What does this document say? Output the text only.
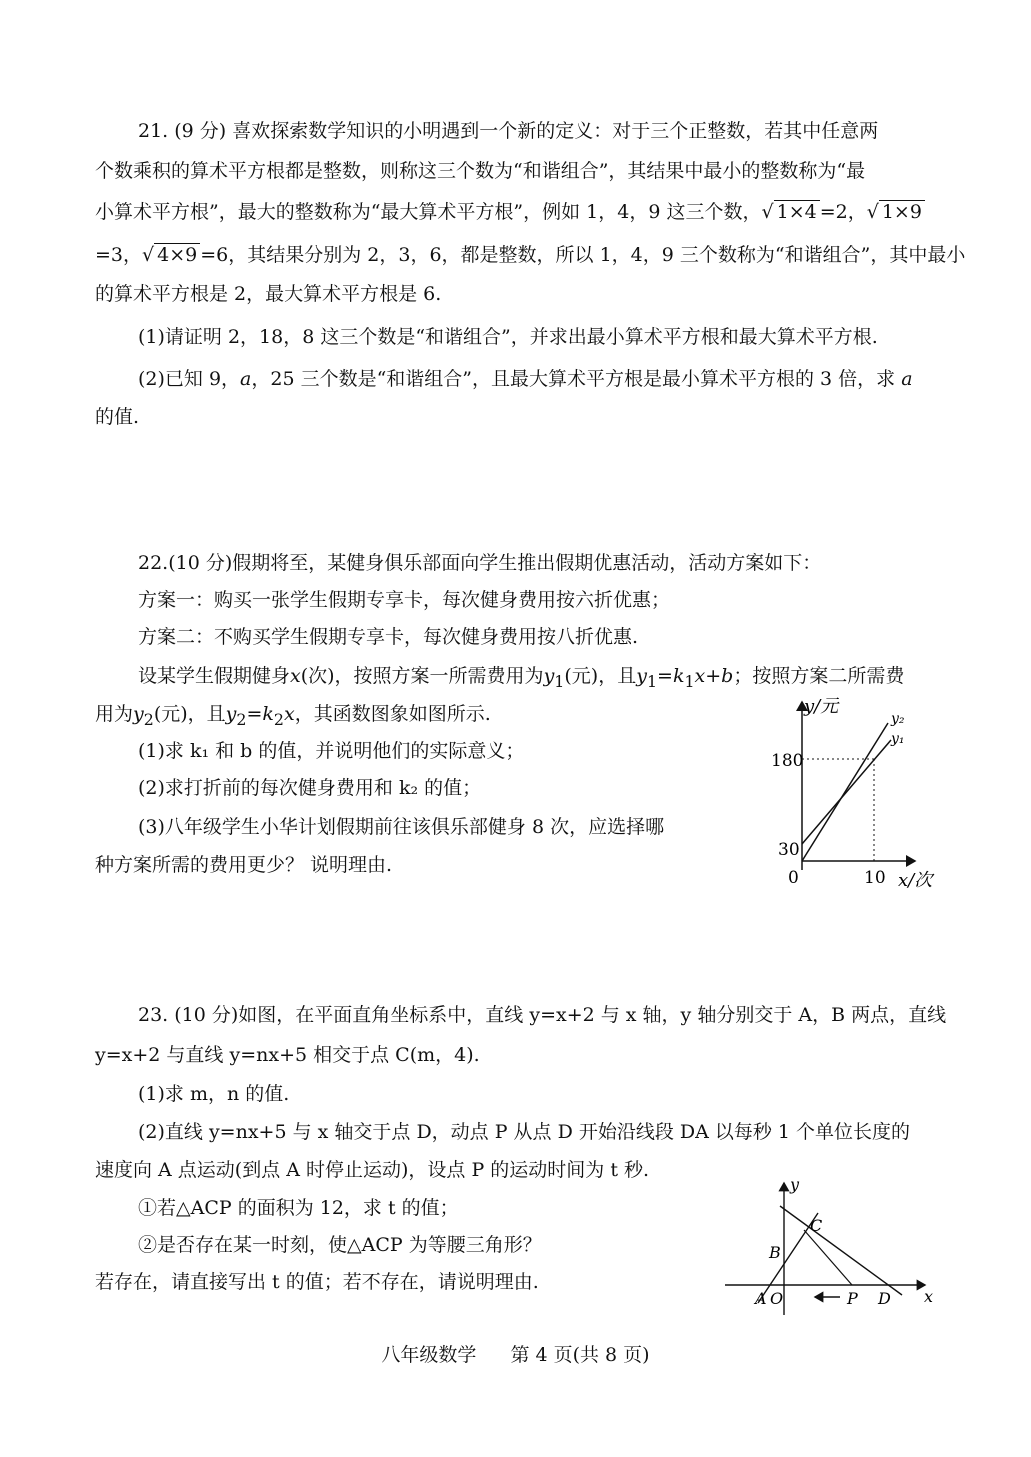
21. (9 分) 喜欢探索数学知识的小明遇到一个新的定义：对于三个正整数，若其中任意两
个数乘积的算术平方根都是整数，则称这三个数为“和谐组合”，其结果中最小的整数称为“最
小算术平方根”，最大的整数称为“最大算术平方根”，例如 1，4，9 这三个数，√ 1×4 =2，√ 1×9
=3，√ 4×9 =6，其结果分别为 2，3，6，都是整数，所以 1，4，9 三个数称为“和谐组合”，其中最小
的算术平方根是 2，最大算术平方根是 6.
(1)请证明 2，18，8 这三个数是“和谐组合”，并求出最小算术平方根和最大算术平方根.
(2)已知 9，a，25 三个数是“和谐组合”，且最大算术平方根是最小算术平方根的 3 倍，求 a
的值.
22.(10 分)假期将至，某健身俱乐部面向学生推出假期优惠活动，活动方案如下：
方案一：购买一张学生假期专享卡，每次健身费用按六折优惠；
方案二：不购买学生假期专享卡，每次健身费用按八折优惠.
设某学生假期健身x(次)，按照方案一所需费用为$y_1$(元)，且$y_1=k_1x+b$；按照方案二所需费
用为$y_2$(元)，且$y_2=k_2x$，其函数图象如图所示.
(1)求 k₁ 和 b 的值，并说明他们的实际意义；
(2)求打折前的每次健身费用和 k₂ 的值；
(3)八年级学生小华计划假期前往该俱乐部健身 8 次，应选择哪
种方案所需的费用更少？ 说明理由.
y/元
x/次
y₂
y₁
180
30
0	10
23. (10 分)如图，在平面直角坐标系中，直线 y=x+2 与 x 轴，y 轴分别交于 A，B 两点，直线
y=x+2 与直线 y=nx+5 相交于点 C(m，4).
(1)求 m，n 的值.
(2)直线 y=nx+5 与 x 轴交于点 D，动点 P 从点 D 开始沿线段 DA 以每秒 1 个单位长度的
速度向 A 点运动(到点 A 时停止运动)，设点 P 的运动时间为 t 秒.
①若△ACP 的面积为 12，求 t 的值；
②是否存在某一时刻，使△ACP 为等腰三角形？
若存在，请直接写出 t 的值；若不存在，请说明理由.
y
x
C
B
A O	P D
八年级数学 第 4 页(共 8 页)
